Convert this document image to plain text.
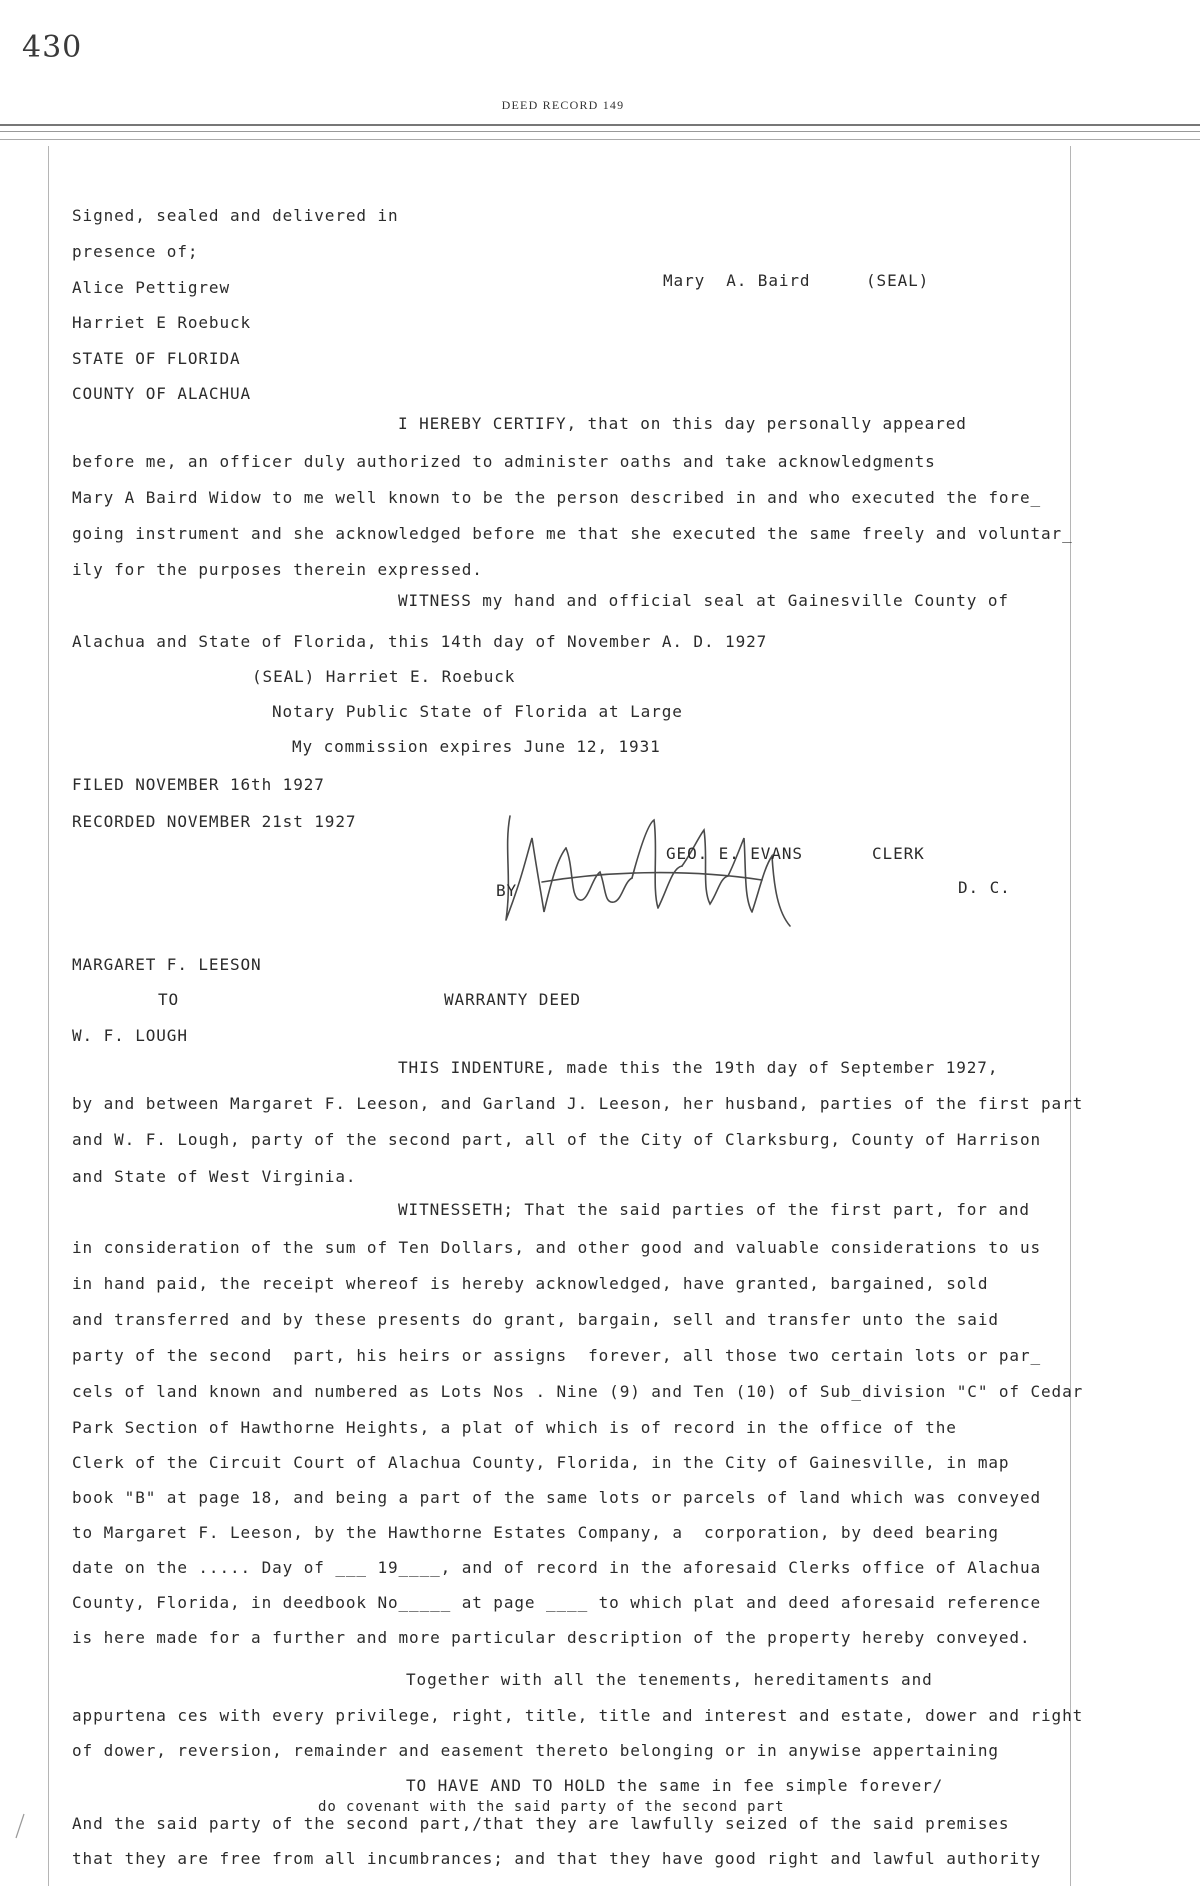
430
DEED RECORD 149
Signed, sealed and delivered in
presence of;
Alice Pettigrew	Mary  A. Baird	(SEAL)
Harriet E Roebuck
STATE OF FLORIDA
COUNTY OF ALACHUA
I HEREBY CERTIFY, that on this day personally appeared
before me, an officer duly authorized to administer oaths and take acknowledgments
Mary A Baird Widow to me well known to be the person described in and who executed the fore_
going instrument and she acknowledged before me that she executed the same freely and voluntar_
ily for the purposes therein expressed.
WITNESS my hand and official seal at Gainesville County of
Alachua and State of Florida, this 14th day of November A. D. 1927
(SEAL) Harriet E. Roebuck
Notary Public State of Florida at Large
My commission expires June 12, 1931
FILED NOVEMBER 16th 1927
RECORDED NOVEMBER 21st 1927
GEO. E. EVANS	CLERK
BY	D. C.
MARGARET F. LEESON
TO	WARRANTY DEED
W. F. LOUGH
THIS INDENTURE, made this the 19th day of September 1927,
by and between Margaret F. Leeson, and Garland J. Leeson, her husband, parties of the first part
and W. F. Lough, party of the second part, all of the City of Clarksburg, County of Harrison
and State of West Virginia.
WITNESSETH; That the said parties of the first part, for and
in consideration of the sum of Ten Dollars, and other good and valuable considerations to us
in hand paid, the receipt whereof is hereby acknowledged, have granted, bargained, sold
and transferred and by these presents do grant, bargain, sell and transfer unto the said
party of the second  part, his heirs or assigns  forever, all those two certain lots or par_
cels of land known and numbered as Lots Nos . Nine (9) and Ten (10) of Sub_division "C" of Cedar
Park Section of Hawthorne Heights, a plat of which is of record in the office of the
Clerk of the Circuit Court of Alachua County, Florida, in the City of Gainesville, in map
book "B" at page 18, and being a part of the same lots or parcels of land which was conveyed
to Margaret F. Leeson, by the Hawthorne Estates Company, a  corporation, by deed bearing
date on the ..... Day of ___ 19____, and of record in the aforesaid Clerks office of Alachua
County, Florida, in deedbook No_____ at page ____ to which plat and deed aforesaid reference
is here made for a further and more particular description of the property hereby conveyed.
Together with all the tenements, hereditaments and
appurtena ces with every privilege, right, title, title and interest and estate, dower and right
of dower, reversion, remainder and easement thereto belonging or in anywise appertaining
TO HAVE AND TO HOLD the same in fee simple forever/
do covenant with the said party of the second part
And the said party of the second part,/that they are lawfully seized of the said premises
that they are free from all incumbrances; and that they have good right and lawful authority
